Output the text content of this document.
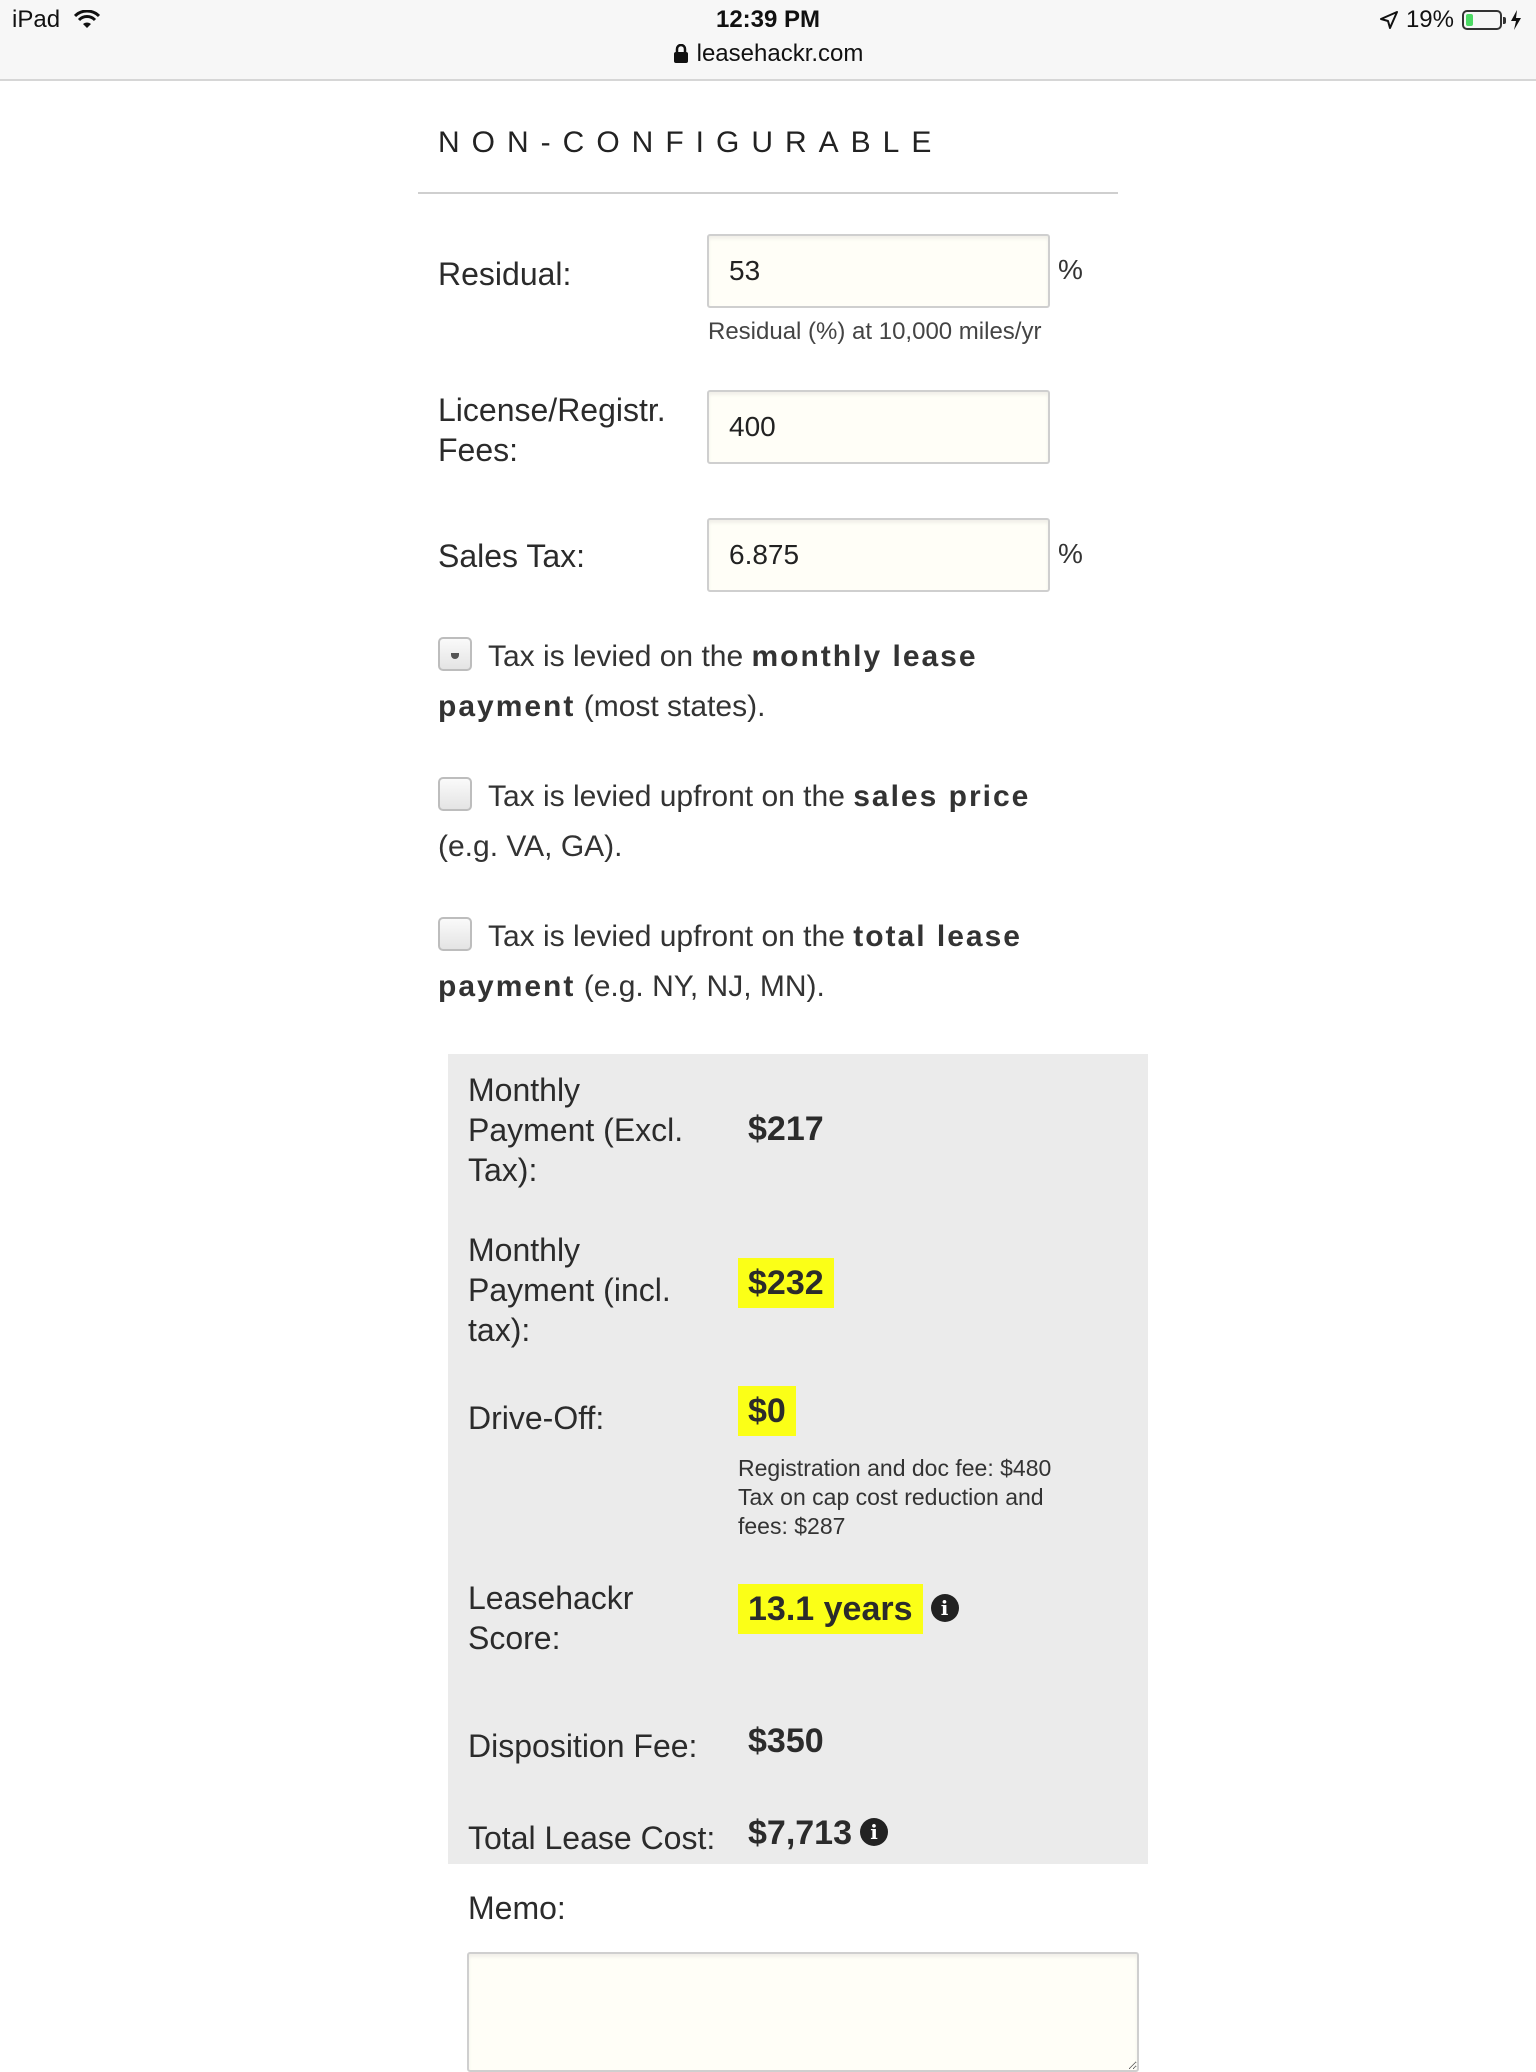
iPad	12:39 PM
leasehackr.com
19%
NON-CONFIGURABLE
Residual:
53	%
Residual (%) at 10,000 miles/yr
License/Registr.
Fees:
400
Sales Tax:
6.875	%
Tax is levied on the monthly lease payment (most states).
Tax is levied upfront on the sales price (e.g. VA, GA).
Tax is levied upfront on the total lease payment (e.g. NY, NJ, MN).
Monthly
Payment (Excl.
Tax):
$217
Monthly
Payment (incl.
tax):
$232
Drive-Off:	$0
Registration and doc fee: $480
Tax on cap cost reduction and
fees: $287
Leasehackr
Score:
13.1 years i
Disposition Fee: $350
Total Lease Cost: $7,713 i
Memo:
